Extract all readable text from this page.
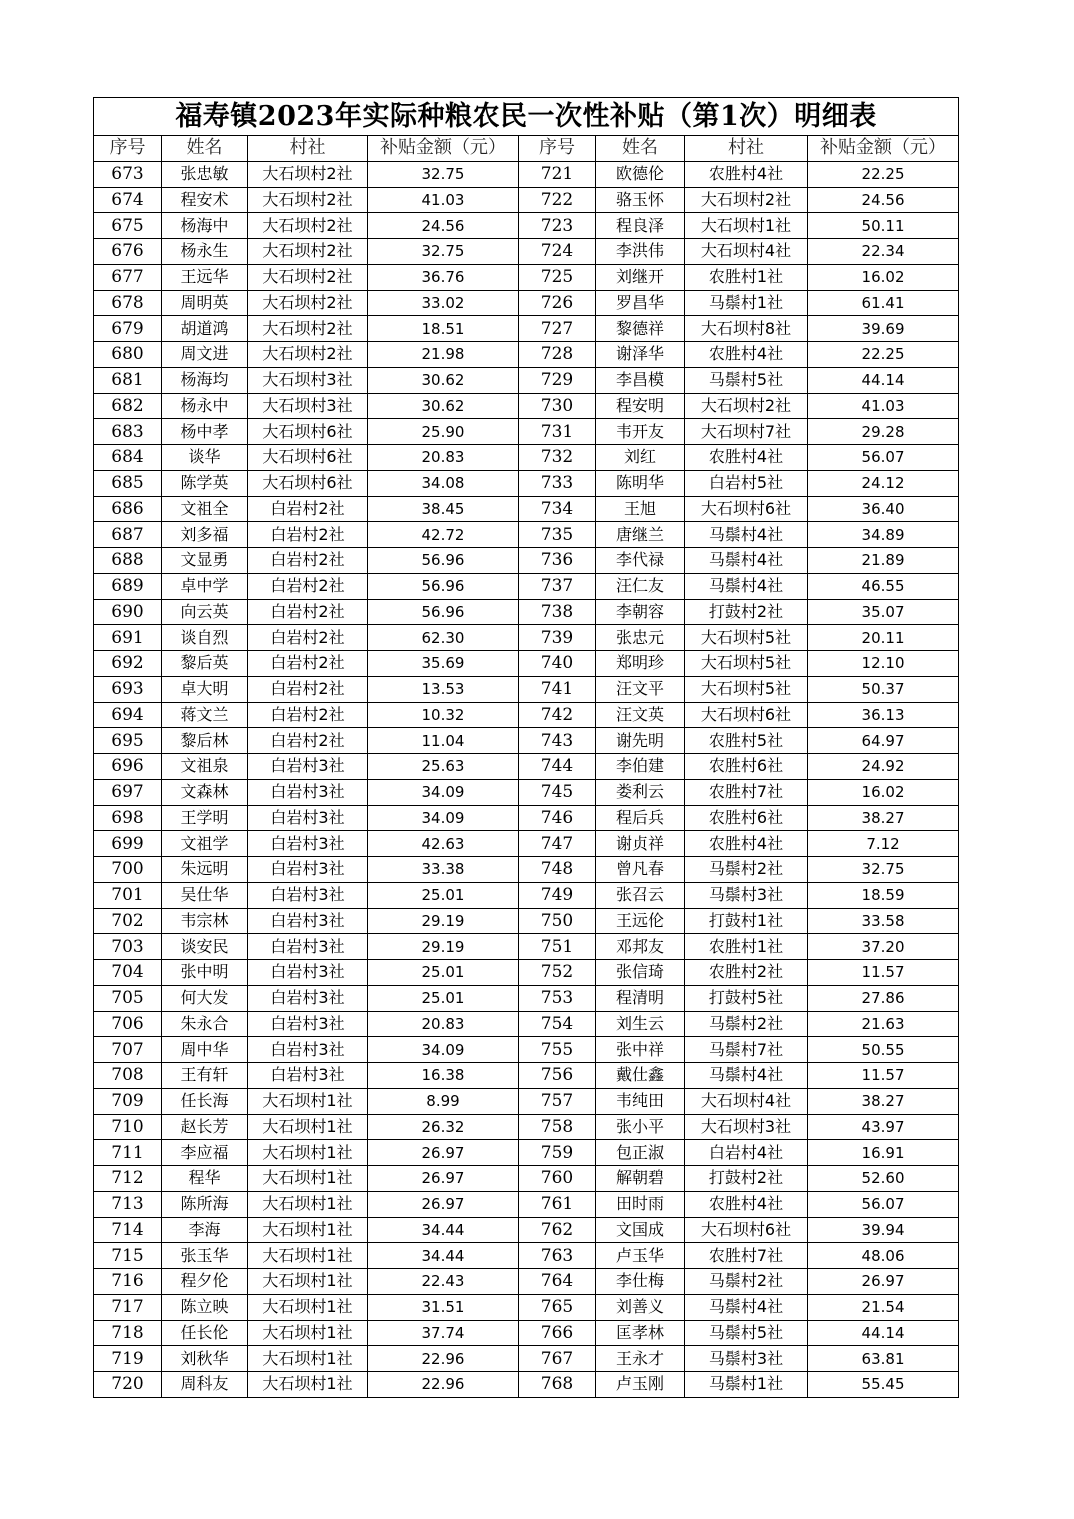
福寿镇2023年实际种粮农民一次性补贴（第1次）明细表							
序号	姓名	村社	补贴金额（元）	序号	姓名	村社	补贴金额（元）
673	张忠敏	大石坝村2社	32.75	721	欧德伦	农胜村4社	22.25
674	程安术	大石坝村2社	41.03	722	骆玉怀	大石坝村2社	24.56
675	杨海中	大石坝村2社	24.56	723	程良泽	大石坝村1社	50.11
676	杨永生	大石坝村2社	32.75	724	李洪伟	大石坝村4社	22.34
677	王远华	大石坝村2社	36.76	725	刘继开	农胜村1社	16.02
678	周明英	大石坝村2社	33.02	726	罗昌华	马鬃村1社	61.41
679	胡道鸿	大石坝村2社	18.51	727	黎德祥	大石坝村8社	39.69
680	周文进	大石坝村2社	21.98	728	谢泽华	农胜村4社	22.25
681	杨海均	大石坝村3社	30.62	729	李昌模	马鬃村5社	44.14
682	杨永中	大石坝村3社	30.62	730	程安明	大石坝村2社	41.03
683	杨中孝	大石坝村6社	25.90	731	韦开友	大石坝村7社	29.28
684	谈华	大石坝村6社	20.83	732	刘红	农胜村4社	56.07
685	陈学英	大石坝村6社	34.08	733	陈明华	白岩村5社	24.12
686	文祖全	白岩村2社	38.45	734	王旭	大石坝村6社	36.40
687	刘多福	白岩村2社	42.72	735	唐继兰	马鬃村4社	34.89
688	文显勇	白岩村2社	56.96	736	李代禄	马鬃村4社	21.89
689	卓中学	白岩村2社	56.96	737	汪仁友	马鬃村4社	46.55
690	向云英	白岩村2社	56.96	738	李朝容	打鼓村2社	35.07
691	谈自烈	白岩村2社	62.30	739	张忠元	大石坝村5社	20.11
692	黎后英	白岩村2社	35.69	740	郑明珍	大石坝村5社	12.10
693	卓大明	白岩村2社	13.53	741	汪文平	大石坝村5社	50.37
694	蒋文兰	白岩村2社	10.32	742	汪文英	大石坝村6社	36.13
695	黎后林	白岩村2社	11.04	743	谢先明	农胜村5社	64.97
696	文祖泉	白岩村3社	25.63	744	李伯建	农胜村6社	24.92
697	文森林	白岩村3社	34.09	745	娄利云	农胜村7社	16.02
698	王学明	白岩村3社	34.09	746	程后兵	农胜村6社	38.27
699	文祖学	白岩村3社	42.63	747	谢贞祥	农胜村4社	7.12
700	朱远明	白岩村3社	33.38	748	曾凡春	马鬃村2社	32.75
701	吴仕华	白岩村3社	25.01	749	张召云	马鬃村3社	18.59
702	韦宗林	白岩村3社	29.19	750	王远伦	打鼓村1社	33.58
703	谈安民	白岩村3社	29.19	751	邓邦友	农胜村1社	37.20
704	张中明	白岩村3社	25.01	752	张信琦	农胜村2社	11.57
705	何大发	白岩村3社	25.01	753	程清明	打鼓村5社	27.86
706	朱永合	白岩村3社	20.83	754	刘生云	马鬃村2社	21.63
707	周中华	白岩村3社	34.09	755	张中祥	马鬃村7社	50.55
708	王有轩	白岩村3社	16.38	756	戴仕鑫	马鬃村4社	11.57
709	任长海	大石坝村1社	8.99	757	韦纯田	大石坝村4社	38.27
710	赵长芳	大石坝村1社	26.32	758	张小平	大石坝村3社	43.97
711	李应福	大石坝村1社	26.97	759	包正淑	白岩村4社	16.91
712	程华	大石坝村1社	26.97	760	解朝碧	打鼓村2社	52.60
713	陈所海	大石坝村1社	26.97	761	田时雨	农胜村4社	56.07
714	李海	大石坝村1社	34.44	762	文国成	大石坝村6社	39.94
715	张玉华	大石坝村1社	34.44	763	卢玉华	农胜村7社	48.06
716	程夕伦	大石坝村1社	22.43	764	李仕梅	马鬃村2社	26.97
717	陈立映	大石坝村1社	31.51	765	刘善义	马鬃村4社	21.54
718	任长伦	大石坝村1社	37.74	766	匡孝林	马鬃村5社	44.14
719	刘秋华	大石坝村1社	22.96	767	王永才	马鬃村3社	63.81
720	周科友	大石坝村1社	22.96	768	卢玉刚	马鬃村1社	55.45
